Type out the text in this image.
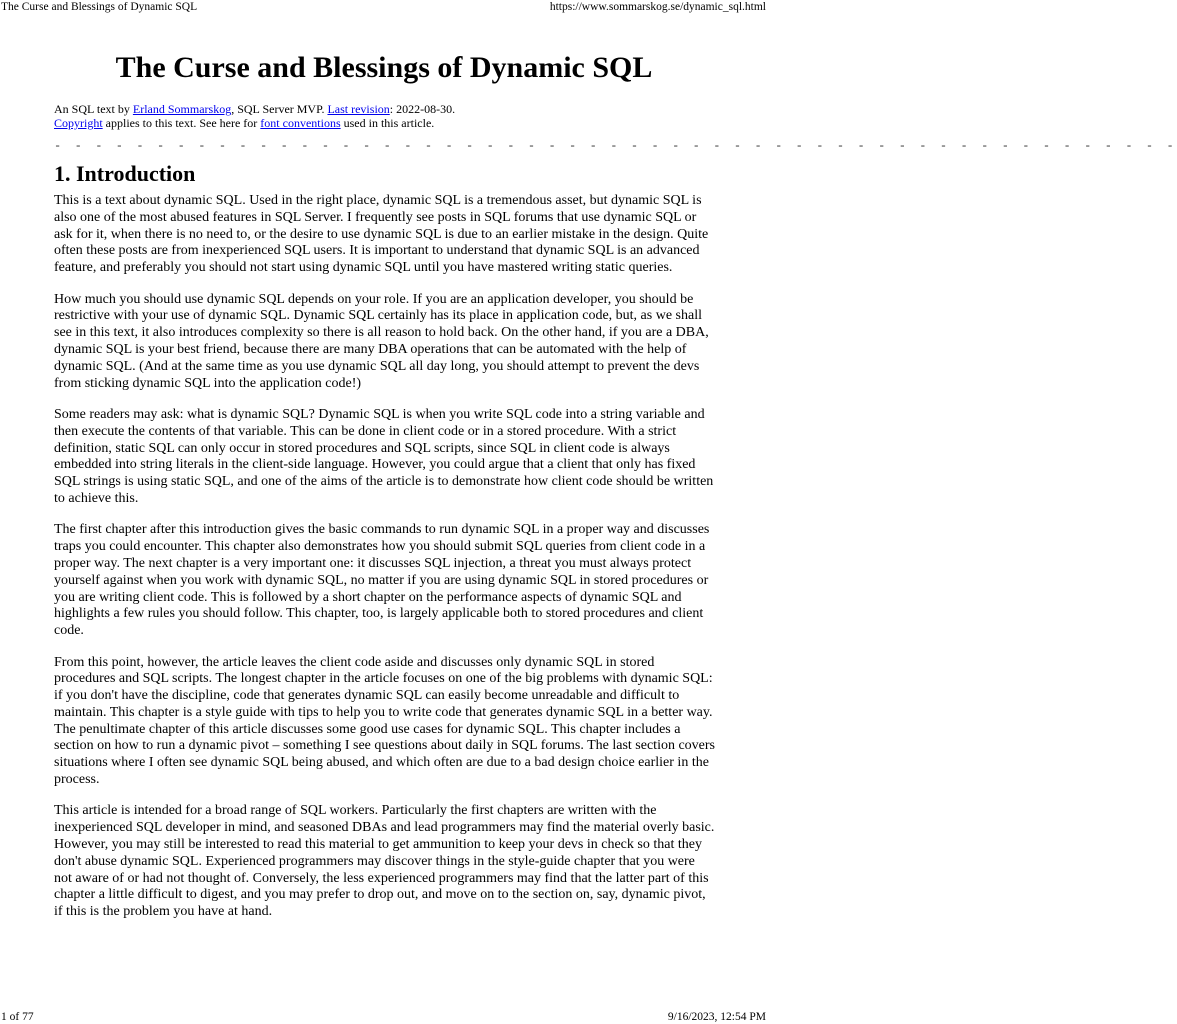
The Curse and Blessings of Dynamic SQL	https://www.sommarskog.se/dynamic_sql.html
The Curse and Blessings of Dynamic SQL
An SQL text by Erland Sommarskog, SQL Server MVP. Last revision: 2022-08-30.
Copyright applies to this text. See here for font conventions used in this article.
- - - - - - - - - - - - - - - - - - - - - - - - - - - - - - - - - - - - - - - - - - - - - - - - - - - - - - -
1. Introduction

This is a text about dynamic SQL. Used in the right place, dynamic SQL is a tremendous asset, but dynamic SQL is also one of the most abused features in SQL Server. I frequently see posts in SQL forums that use dynamic SQL or ask for it, when there is no need to, or the desire to use dynamic SQL is due to an earlier mistake in the design. Quite often these posts are from inexperienced SQL users. It is important to understand that dynamic SQL is an advanced feature, and preferably you should not start using dynamic SQL until you have mastered writing static queries.

How much you should use dynamic SQL depends on your role. If you are an application developer, you should be restrictive with your use of dynamic SQL. Dynamic SQL certainly has its place in application code, but, as we shall see in this text, it also introduces complexity so there is all reason to hold back. On the other hand, if you are a DBA, dynamic SQL is your best friend, because there are many DBA operations that can be automated with the help of dynamic SQL. (And at the same time as you use dynamic SQL all day long, you should attempt to prevent the devs from sticking dynamic SQL into the application code!)

Some readers may ask: what is dynamic SQL? Dynamic SQL is when you write SQL code into a string variable and then execute the contents of that variable. This can be done in client code or in a stored procedure. With a strict definition, static SQL can only occur in stored procedures and SQL scripts, since SQL in client code is always embedded into string literals in the client-side language. However, you could argue that a client that only has fixed SQL strings is using static SQL, and one of the aims of the article is to demonstrate how client code should be written to achieve this.

The first chapter after this introduction gives the basic commands to run dynamic SQL in a proper way and discusses traps you could encounter. This chapter also demonstrates how you should submit SQL queries from client code in a proper way. The next chapter is a very important one: it discusses SQL injection, a threat you must always protect yourself against when you work with dynamic SQL, no matter if you are using dynamic SQL in stored procedures or you are writing client code. This is followed by a short chapter on the performance aspects of dynamic SQL and highlights a few rules you should follow. This chapter, too, is largely applicable both to stored procedures and client code.

From this point, however, the article leaves the client code aside and discusses only dynamic SQL in stored procedures and SQL scripts. The longest chapter in the article focuses on one of the big problems with dynamic SQL: if you don't have the discipline, code that generates dynamic SQL can easily become unreadable and difficult to maintain. This chapter is a style guide with tips to help you to write code that generates dynamic SQL in a better way. The penultimate chapter of this article discusses some good use cases for dynamic SQL. This chapter includes a section on how to run a dynamic pivot – something I see questions about daily in SQL forums. The last section covers situations where I often see dynamic SQL being abused, and which often are due to a bad design choice earlier in the process.

This article is intended for a broad range of SQL workers. Particularly the first chapters are written with the inexperienced SQL developer in mind, and seasoned DBAs and lead programmers may find the material overly basic. However, you may still be interested to read this material to get ammunition to keep your devs in check so that they don't abuse dynamic SQL. Experienced programmers may discover things in the style-guide chapter that you were not aware of or had not thought of. Conversely, the less experienced programmers may find that the latter part of this chapter a little difficult to digest, and you may prefer to drop out, and move on to the section on, say, dynamic pivot, if this is the problem you have at hand.

1 of 77	9/16/2023, 12:54 PM
